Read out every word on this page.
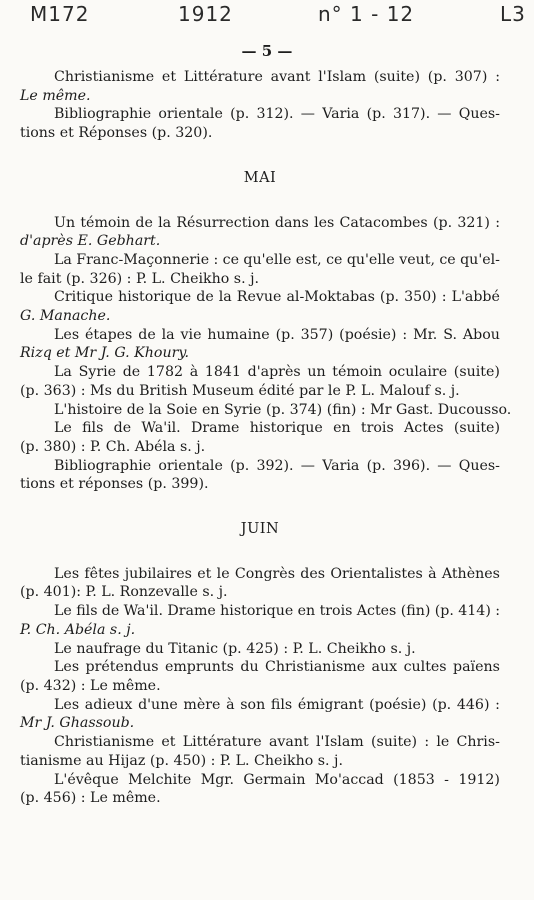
M172	1912	n° 1 - 12	L3
— 5 —
Christianisme et Littérature avant l'Islam (suite) (p. 307) :
Le même.
Bibliographie orientale (p. 312). — Varia (p. 317). — Ques-
tions et Réponses (p. 320).
MAI
Un témoin de la Résurrection dans les Catacombes (p. 321) :
d'après E. Gebhart.
La Franc-Maçonnerie : ce qu'elle est, ce qu'elle veut, ce qu'el-
le fait (p. 326) : P. L. Cheikho s. j.
Critique historique de la Revue al-Moktabas (p. 350) : L'abbé
G. Manache.
Les étapes de la vie humaine (p. 357) (poésie) : Mr. S. Abou
Rizq et Mr J. G. Khoury.
La Syrie de 1782 à 1841 d'après un témoin oculaire (suite)
(p. 363) : Ms du British Museum édité par le P. L. Malouf s. j.
L'histoire de la Soie en Syrie (p. 374) (fin) : Mr Gast. Ducousso.
Le fils de Wa'il. Drame historique en trois Actes (suite)
(p. 380) : P. Ch. Abéla s. j.
Bibliographie orientale (p. 392). — Varia (p. 396). — Ques-
tions et réponses (p. 399).
JUIN
Les fêtes jubilaires et le Congrès des Orientalistes à Athènes
(p. 401): P. L. Ronzevalle s. j.
Le fils de Wa'il. Drame historique en trois Actes (fin) (p. 414) :
P. Ch. Abéla s. j.
Le naufrage du Titanic (p. 425) : P. L. Cheikho s. j.
Les prétendus emprunts du Christianisme aux cultes païens
(p. 432) : Le même.
Les adieux d'une mère à son fils émigrant (poésie) (p. 446) :
Mr J. Ghassoub.
Christianisme et Littérature avant l'Islam (suite) : le Chris-
tianisme au Hijaz (p. 450) : P. L. Cheikho s. j.
L'évêque Melchite Mgr. Germain Mo'accad (1853 - 1912)
(p. 456) : Le même.
